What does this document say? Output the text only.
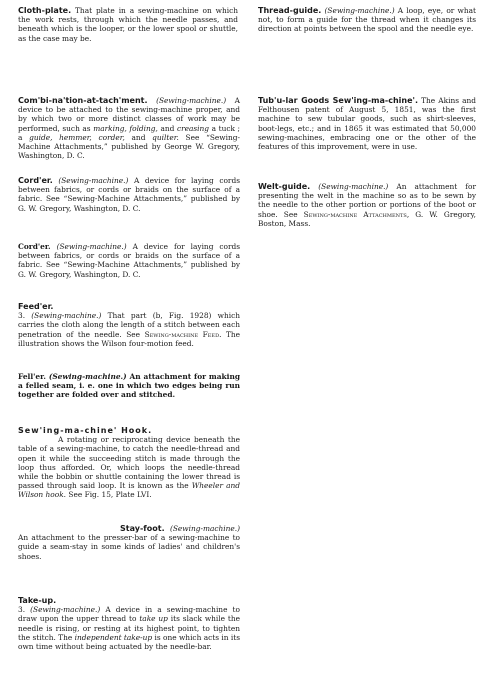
Cloth-plate. That plate in a sewing-machine on which the work rests, through which the needle passes, and beneath which is the looper, or the lower spool or shuttle, as the case may be.
Thread-guide. (Sewing-machine.) A loop, eye, or what not, to form a guide for the thread when it changes its direction at points between the spool and the needle eye.
Com'bi-na'tion-at-tach'ment. (Sewing-machine.) A device to be attached to the sewing-machine proper, and by which two or more distinct classes of work may be performed, such as marking, folding, and creasing a tuck ; a guide, hemmer, corder, and quilter. See “Sewing-Machine Attachments,” published by George W. Gregory, Washington, D. C.
Tub'u-lar Goods Sew'ing-ma-chine'. The Akins and Felthousen patent of August 5, 1851, was the first machine to sew tubular goods, such as shirt-sleeves, boot-legs, etc.; and in 1865 it was estimated that 50,000 sewing-machines, embracing one or the other of the features of this improvement, were in use.
Welt-guide. (Sewing-machine.) An attachment for presenting the welt in the machine so as to be sewn by the needle to the other portion or portions of the boot or shoe. See Sewing-machine Attachments, G. W. Gregory, Boston, Mass.
Cord'er. (Sewing-machine.) A device for laying cords between fabrics, or cords or braids on the surface of a fabric. See “Sewing-Machine Attachments,” published by G. W. Gregory, Washington, D. C.
Cord'er. (Sewing-machine.) A device for laying cords between fabrics, or cords or braids on the surface of a fabric. See “Sewing-Machine Attachments,” published by G. W. Gregory, Washington, D. C.
Feed'er.
3. (Sewing-machine.) That part (b, Fig. 1928) which carries the cloth along the length of a stitch between each penetration of the needle. See Sewing-machine Feed. The illustration shows the Wilson four-motion feed.
Fell'er. (Sewing-machine.) An attachment for making a felled seam, i. e. one in which two edges being run together are folded over and stitched.
Sew'ing-ma-chine' Hook.
A rotating or reciprocating device beneath the table of a sewing-machine, to catch the needle-thread and open it while the succeeding stitch is made through the loop thus afforded. Or, which loops the needle-thread while the bobbin or shuttle containing the lower thread is passed through said loop. It is known as the Wheeler and Wilson hook. See Fig. 15, Plate LVI.
Stay-foot. (Sewing-machine.) An attachment to the presser-bar of a sewing-machine to guide a seam-stay in some kinds of ladies' and children's shoes.
Take-up.
3. (Sewing-machine.) A device in a sewing-machine to draw upon the upper thread to take up its slack while the needle is rising, or resting at its highest point, to tighten the stitch. The independent take-up is one which acts in its own time without being actuated by the needle-bar.
